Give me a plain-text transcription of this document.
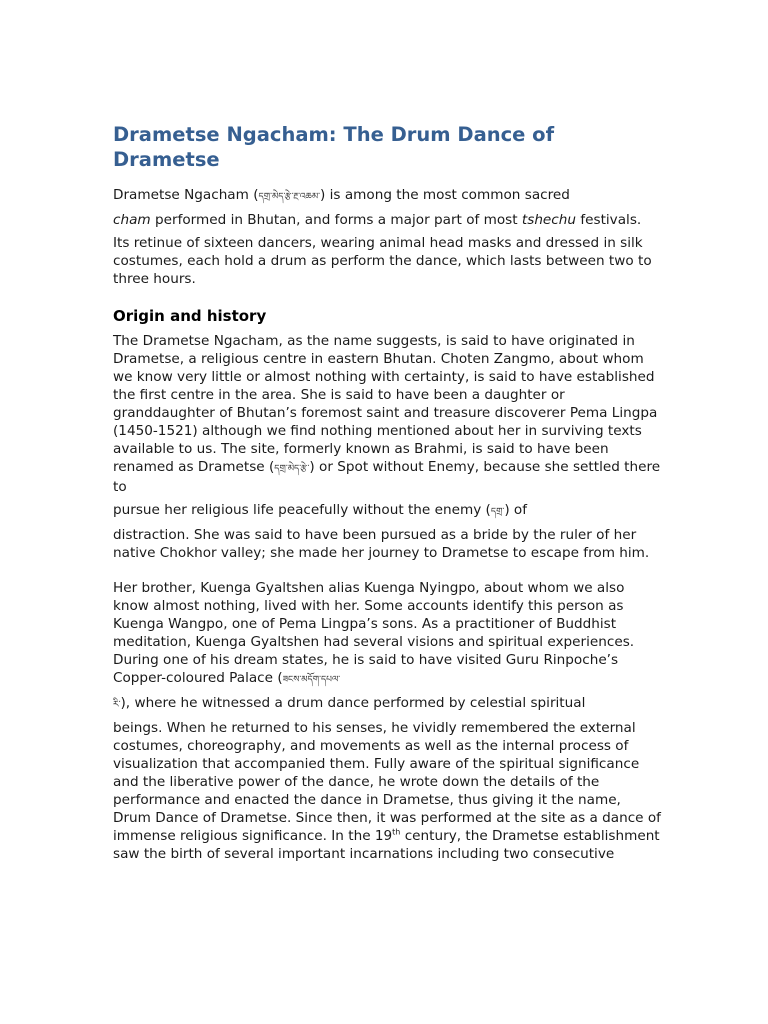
Drametse Ngacham: The Drum Dance of Drametse

Drametse Ngacham (དགྲ་མེད་རྩེ་རྔ་འཆམ་) is among the most common sacred
cham performed in Bhutan, and forms a major part of most tshechu festivals. Its retinue of sixteen dancers, wearing animal head masks and dressed in silk costumes, each hold a drum as perform the dance, which lasts between two to three hours.

Origin and history

The Drametse Ngacham, as the name suggests, is said to have originated in Drametse, a religious centre in eastern Bhutan. Choten Zangmo, about whom we know very little or almost nothing with certainty, is said to have established the first centre in the area. She is said to have been a daughter or granddaughter of Bhutan’s foremost saint and treasure discoverer Pema Lingpa (1450-1521) although we find nothing mentioned about her in surviving texts available to us. The site, formerly known as Brahmi, is said to have been renamed as Drametse (དགྲ་མེད་རྩེ་) or Spot without Enemy, because she settled there to
pursue her religious life peacefully without the enemy (དགྲ་) of
distraction. She was said to have been pursued as a bride by the ruler of her native Chokhor valley; she made her journey to Drametse to escape from him.

Her brother, Kuenga Gyaltshen alias Kuenga Nyingpo, about whom we also know almost nothing, lived with her. Some accounts identify this person as Kuenga Wangpo, one of Pema Lingpa’s sons. As a practitioner of Buddhist meditation, Kuenga Gyaltshen had several visions and spiritual experiences. During one of his dream states, he is said to have visited Guru Rinpoche’s Copper-coloured Palace (ཟངས་མདོག་དཔལ་
རི་), where he witnessed a drum dance performed by celestial spiritual
beings. When he returned to his senses, he vividly remembered the external costumes, choreography, and movements as well as the internal process of visualization that accompanied them. Fully aware of the spiritual significance and the liberative power of the dance, he wrote down the details of the performance and enacted the dance in Drametse, thus giving it the name, Drum Dance of Drametse. Since then, it was performed at the site as a dance of immense religious significance. In the 19th century, the Drametse establishment saw the birth of several important incarnations including two consecutive
